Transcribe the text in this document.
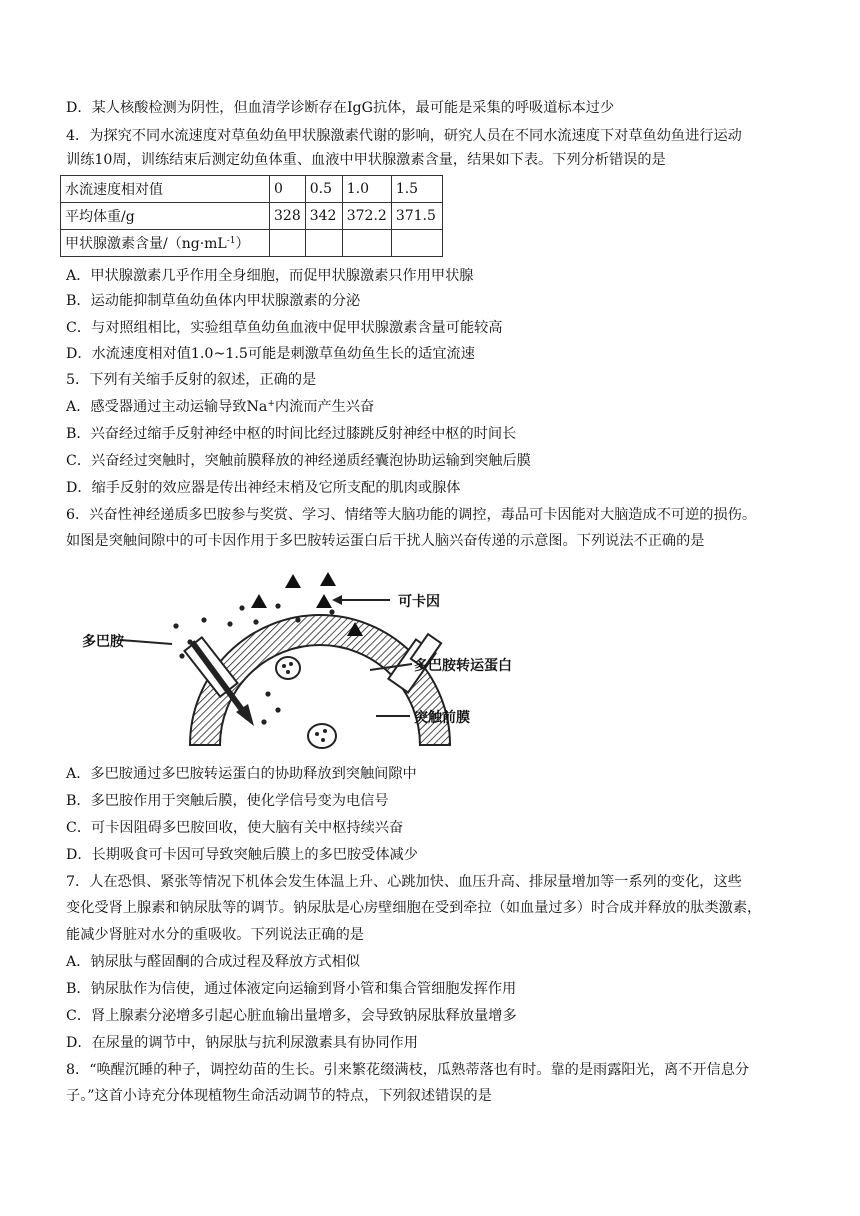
D．某人核酸检测为阴性，但血清学诊断存在IgG抗体，最可能是采集的呼吸道标本过少
4．为探究不同水流速度对草鱼幼鱼甲状腺激素代谢的影响，研究人员在不同水流速度下对草鱼幼鱼进行运动
训练10周，训练结束后测定幼鱼体重、血液中甲状腺激素含量，结果如下表。下列分析错误的是
水流速度相对值	0	0.5	1.0	1.5
平均体重/g	328	342	372.2	371.5
甲状腺激素含量$/(ng\cdot mL^{-1})$				
A．甲状腺激素几乎作用全身细胞，而促甲状腺激素只作用甲状腺
B．运动能抑制草鱼幼鱼体内甲状腺激素的分泌
C．与对照组相比，实验组草鱼幼鱼血液中促甲状腺激素含量可能较高
D．水流速度相对值1.0~1.5可能是刺激草鱼幼鱼生长的适宜流速
5．下列有关缩手反射的叙述，正确的是
A．感受器通过主动运输导致Na+内流而产生兴奋
B．兴奋经过缩手反射神经中枢的时间比经过膝跳反射神经中枢的时间长
C．兴奋经过突触时，突触前膜释放的神经递质经囊泡协助运输到突触后膜
D．缩手反射的效应器是传出神经末梢及它所支配的肌肉或腺体
6．兴奋性神经递质多巴胺参与奖赏、学习、情绪等大脑功能的调控，毒品可卡因能对大脑造成不可逆的损伤。
如图是突触间隙中的可卡因作用于多巴胺转运蛋白后干扰人脑兴奋传递的示意图。下列说法不正确的是
多巴胺
可卡因
多巴胺转运蛋白
突触前膜
A．多巴胺通过多巴胺转运蛋白的协助释放到突触间隙中
B．多巴胺作用于突触后膜，使化学信号变为电信号
C．可卡因阻碍多巴胺回收，使大脑有关中枢持续兴奋
D．长期吸食可卡因可导致突触后膜上的多巴胺受体减少
7．人在恐惧、紧张等情况下机体会发生体温上升、心跳加快、血压升高、排尿量增加等一系列的变化，这些
变化受肾上腺素和钠尿肽等的调节。钠尿肽是心房壁细胞在受到牵拉（如血量过多）时合成并释放的肽类激素，
能减少肾脏对水分的重吸收。下列说法正确的是
A．钠尿肽与醛固酮的合成过程及释放方式相似
B．钠尿肽作为信使，通过体液定向运输到肾小管和集合管细胞发挥作用
C．肾上腺素分泌增多引起心脏血输出量增多，会导致钠尿肽释放量增多
D．在尿量的调节中，钠尿肽与抗利尿激素具有协同作用
8．“唤醒沉睡的种子，调控幼苗的生长。引来繁花缀满枝，瓜熟蒂落也有时。靠的是雨露阳光，离不开信息分
子。”这首小诗充分体现植物生命活动调节的特点，下列叙述错误的是
